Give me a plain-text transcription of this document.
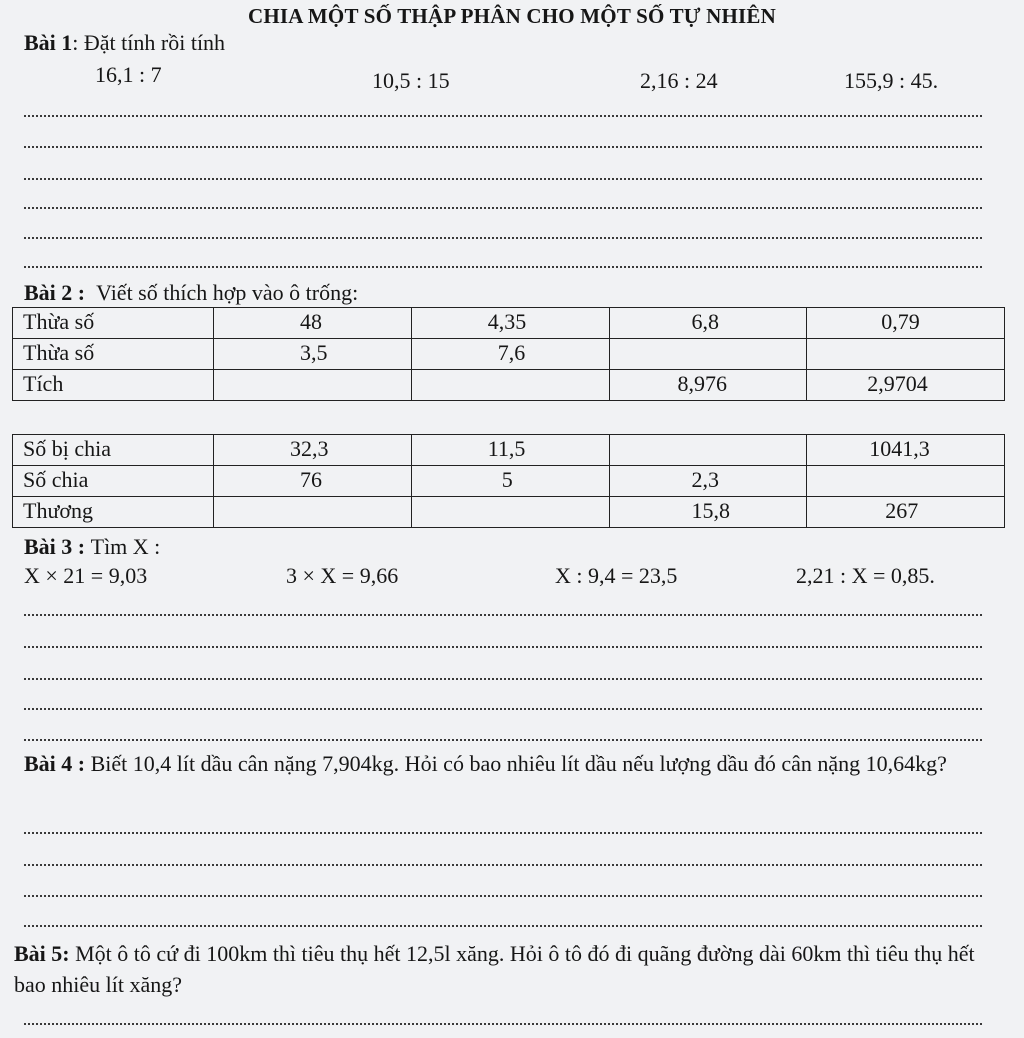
CHIA MỘT SỐ THẬP PHÂN CHO MỘT SỐ TỰ NHIÊN
Bài 1: Đặt tính rồi tính
16,1 : 7	10,5 : 15	2,16 : 24	155,9 : 45.
Bài 2 : Viết số thích hợp vào ô trống:
Thừa số	48	4,35	6,8	0,79
Thừa số	3,5	7,6		
Tích			8,976	2,9704
Số bị chia	32,3	11,5		1041,3
Số chia	76	5	2,3	
Thương			15,8	267
Bài 3 : Tìm X :
X × 21 = 9,03	3 × X = 9,66	X : 9,4 = 23,5	2,21 : X = 0,85.
Bài 4 : Biết 10,4 lít dầu cân nặng 7,904kg. Hỏi có bao nhiêu lít dầu nếu lượng dầu đó cân nặng 10,64kg?
Bài 5: Một ô tô cứ đi 100km thì tiêu thụ hết 12,5l xăng. Hỏi ô tô đó đi quãng đường dài 60km thì tiêu thụ hết bao nhiêu lít xăng?
